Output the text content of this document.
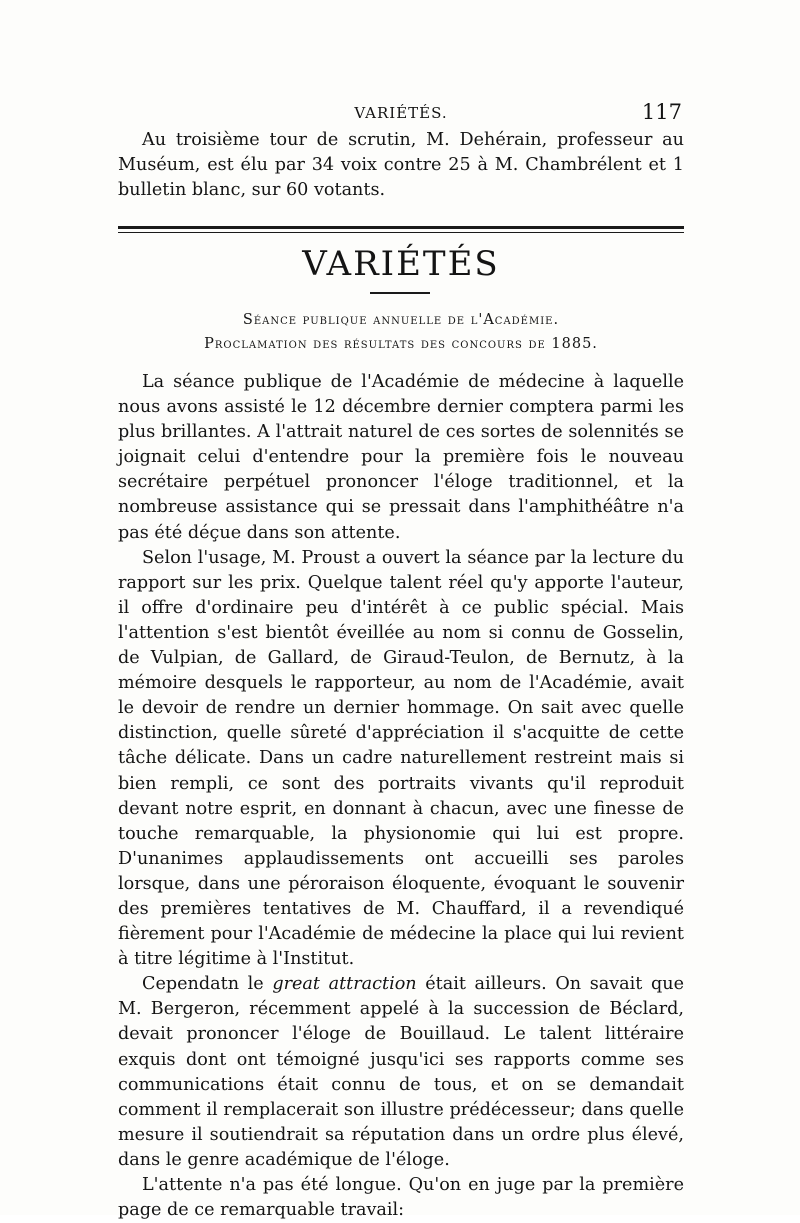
VARIÉTÉS.	117

Au troisième tour de scrutin, M. Dehérain, professeur au Muséum, est élu par 34 voix contre 25 à M. Chambrélent et 1 bulletin blanc, sur 60 votants.

VARIÉTÉS
Séance publique annuelle de l'Académie.
Proclamation des résultats des concours de 1885.

La séance publique de l'Académie de médecine à laquelle nous avons assisté le 12 décembre dernier comptera parmi les plus brillantes. A l'attrait naturel de ces sortes de solennités se joignait celui d'entendre pour la première fois le nouveau secrétaire perpétuel prononcer l'éloge traditionnel, et la nombreuse assistance qui se pressait dans l'amphithéâtre n'a pas été déçue dans son attente.

Selon l'usage, M. Proust a ouvert la séance par la lecture du rapport sur les prix. Quelque talent réel qu'y apporte l'auteur, il offre d'ordinaire peu d'intérêt à ce public spécial. Mais l'attention s'est bientôt éveillée au nom si connu de Gosselin, de Vulpian, de Gallard, de Giraud-Teulon, de Bernutz, à la mémoire desquels le rapporteur, au nom de l'Académie, avait le devoir de rendre un dernier hommage. On sait avec quelle distinction, quelle sûreté d'appréciation il s'acquitte de cette tâche délicate. Dans un cadre naturellement restreint mais si bien rempli, ce sont des portraits vivants qu'il reproduit devant notre esprit, en donnant à chacun, avec une finesse de touche remarquable, la physionomie qui lui est propre. D'unanimes applaudissements ont accueilli ses paroles lorsque, dans une péroraison éloquente, évoquant le souvenir des premières tentatives de M. Chauffard, il a revendiqué fièrement pour l'Académie de médecine la place qui lui revient à titre légitime à l'Institut.

Cependatn le great attraction était ailleurs. On savait que M. Bergeron, récemment appelé à la succession de Béclard, devait prononcer l'éloge de Bouillaud. Le talent littéraire exquis dont ont témoigné jusqu'ici ses rapports comme ses communications était connu de tous, et on se demandait comment il remplacerait son illustre prédécesseur; dans quelle mesure il soutiendrait sa réputation dans un ordre plus élevé, dans le genre académique de l'éloge.

L'attente n'a pas été longue. Qu'on en juge par la première page de ce remarquable travail:
